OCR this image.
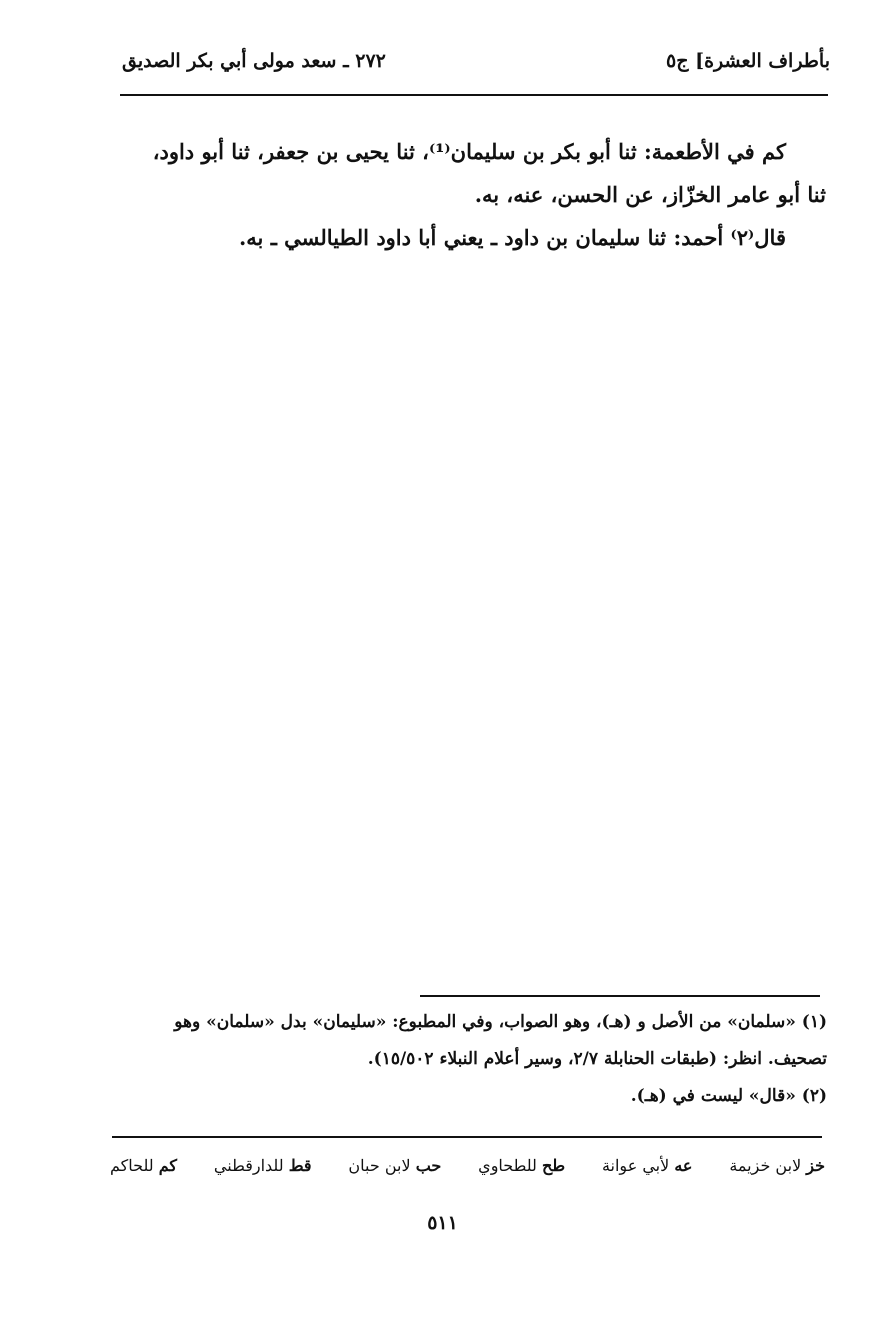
بأطراف العشرة] ج٥
٢٧٢ ـ سعد مولى أبي بكر الصديق
كم في الأطعمة: ثنا أبو بكر بن سليمان⁽¹⁾، ثنا يحيى بن جعفر، ثنا أبو داود،
ثنا أبو عامر الخزّاز، عن الحسن، عنه، به.
قال⁽٢⁾ أحمد: ثنا سليمان بن داود ـ يعني أبا داود الطيالسي ـ به.
(١) «سلمان» من الأصل و (هـ)، وهو الصواب، وفي المطبوع: «سليمان» بدل «سلمان» وهو
تصحيف. انظر: (طبقات الحنابلة ٢/٧، وسير أعلام النبلاء ١٥/٥٠٢).
(٢) «قال» ليست في (هـ).
خز لابن خزيمة
عه لأبي عوانة
طح للطحاوي
حب لابن حبان
قط للدارقطني
كم للحاكم
٥١١
